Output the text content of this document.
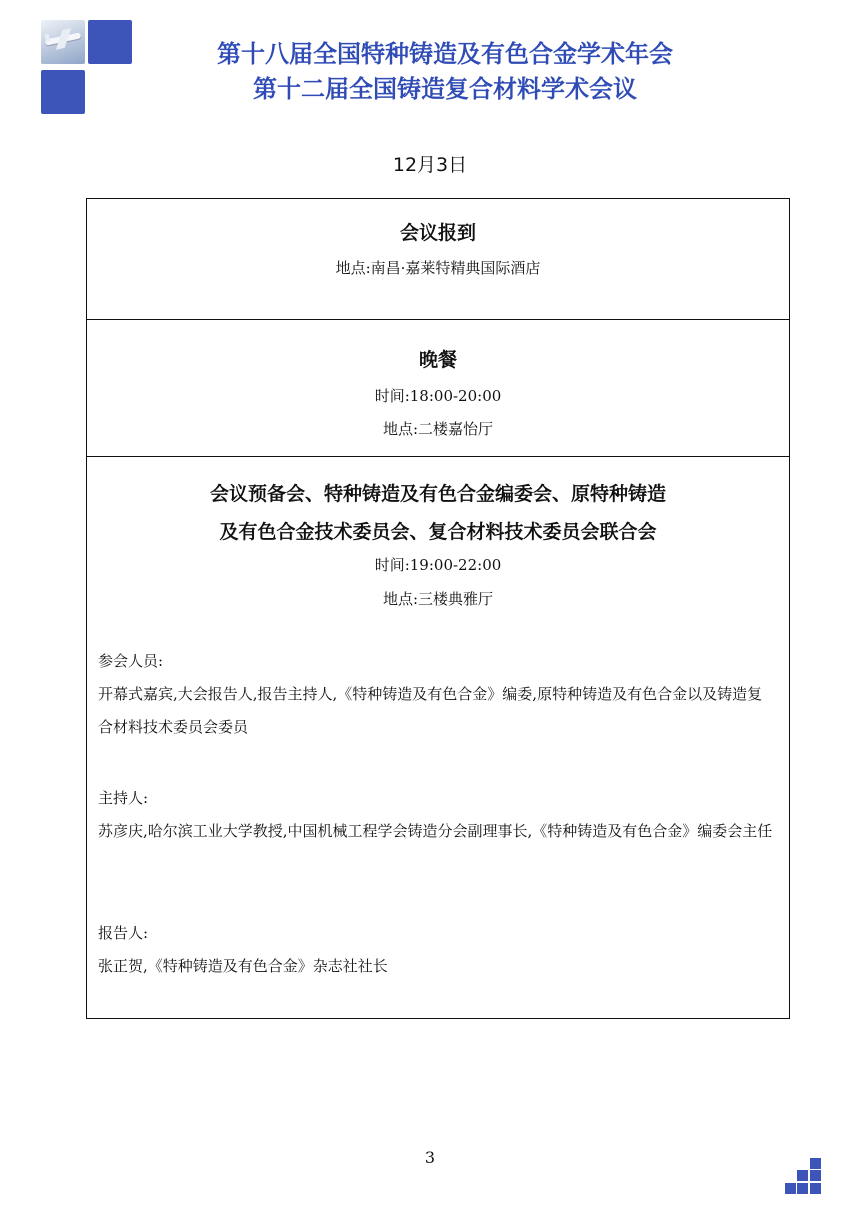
第十八届全国特种铸造及有色合金学术年会
第十二届全国铸造复合材料学术会议
12月3日
会议预备会、特种铸造及有色合金编委会、原特种铸造
及有色合金技术委员会、复合材料技术委员会联合会
时间:19:00-22:00
地点:三楼典雅厅
参会人员:
开幕式嘉宾,大会报告人,报告主持人,《特种铸造及有色合金》编委,原特种铸造及有色合金以及铸造复合材料技术委员会委员
主持人:
苏彦庆,哈尔滨工业大学教授,中国机械工程学会铸造分会副理事长,《特种铸造及有色合金》编委会主任
报告人:
张正贺,《特种铸造及有色合金》杂志社社长
会议报到
地点:南昌·嘉莱特精典国际酒店
晚餐
时间:18:00-20:00
地点:二楼嘉怡厅
3
